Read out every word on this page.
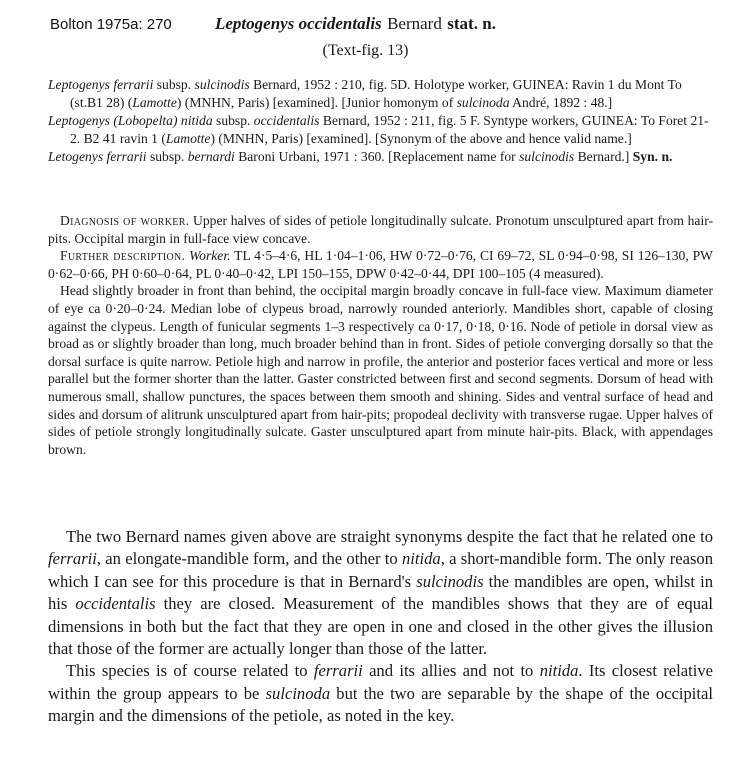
Bolton 1975a: 270	Leptogenys occidentalis Bernard stat. n.
(Text-fig. 13)

Leptogenys ferrarii subsp. sulcinodis Bernard, 1952 : 210, fig. 5D. Holotype worker, GUINEA: Ravin 1 du Mont To (st.B1 28) (Lamotte) (MNHN, Paris) [examined]. [Junior homonym of sulcinoda André, 1892 : 48.]

Leptogenys (Lobopelta) nitida subsp. occidentalis Bernard, 1952 : 211, fig. 5 F. Syntype workers, GUINEA: To Foret 21-2. B2 41 ravin 1 (Lamotte) (MNHN, Paris) [examined]. [Synonym of the above and hence valid name.]

Letogenys ferrarii subsp. bernardi Baroni Urbani, 1971 : 360. [Replacement name for sulcinodis Bernard.] Syn. n.

Diagnosis of worker. Upper halves of sides of petiole longitudinally sulcate. Pronotum unsculptured apart from hair-pits. Occipital margin in full-face view concave.

Further description. Worker. TL 4·5–4·6, HL 1·04–1·06, HW 0·72–0·76, CI 69–72, SL 0·94–0·98, SI 126–130, PW 0·62–0·66, PH 0·60–0·64, PL 0·40–0·42, LPI 150–155, DPW 0·42–0·44, DPI 100–105 (4 measured).

Head slightly broader in front than behind, the occipital margin broadly concave in full-face view. Maximum diameter of eye ca 0·20–0·24. Median lobe of clypeus broad, narrowly rounded anteriorly. Mandibles short, capable of closing against the clypeus. Length of funicular segments 1–3 respectively ca 0·17, 0·18, 0·16. Node of petiole in dorsal view as broad as or slightly broader than long, much broader behind than in front. Sides of petiole converging dorsally so that the dorsal surface is quite narrow. Petiole high and narrow in profile, the anterior and posterior faces vertical and more or less parallel but the former shorter than the latter. Gaster constricted between first and second segments. Dorsum of head with numerous small, shallow punctures, the spaces between them smooth and shining. Sides and ventral surface of head and sides and dorsum of alitrunk unsculptured apart from hair-pits; propodeal declivity with transverse rugae. Upper halves of sides of petiole strongly longitudinally sulcate. Gaster unsculptured apart from minute hair-pits. Black, with appendages brown.

The two Bernard names given above are straight synonyms despite the fact that he related one to ferrarii, an elongate-mandible form, and the other to nitida, a short-mandible form. The only reason which I can see for this procedure is that in Bernard's sulcinodis the mandibles are open, whilst in his occidentalis they are closed. Measurement of the mandibles shows that they are of equal dimensions in both but the fact that they are open in one and closed in the other gives the illusion that those of the former are actually longer than those of the latter.

This species is of course related to ferrarii and its allies and not to nitida. Its closest relative within the group appears to be sulcinoda but the two are separable by the shape of the occipital margin and the dimensions of the petiole, as noted in the key.
